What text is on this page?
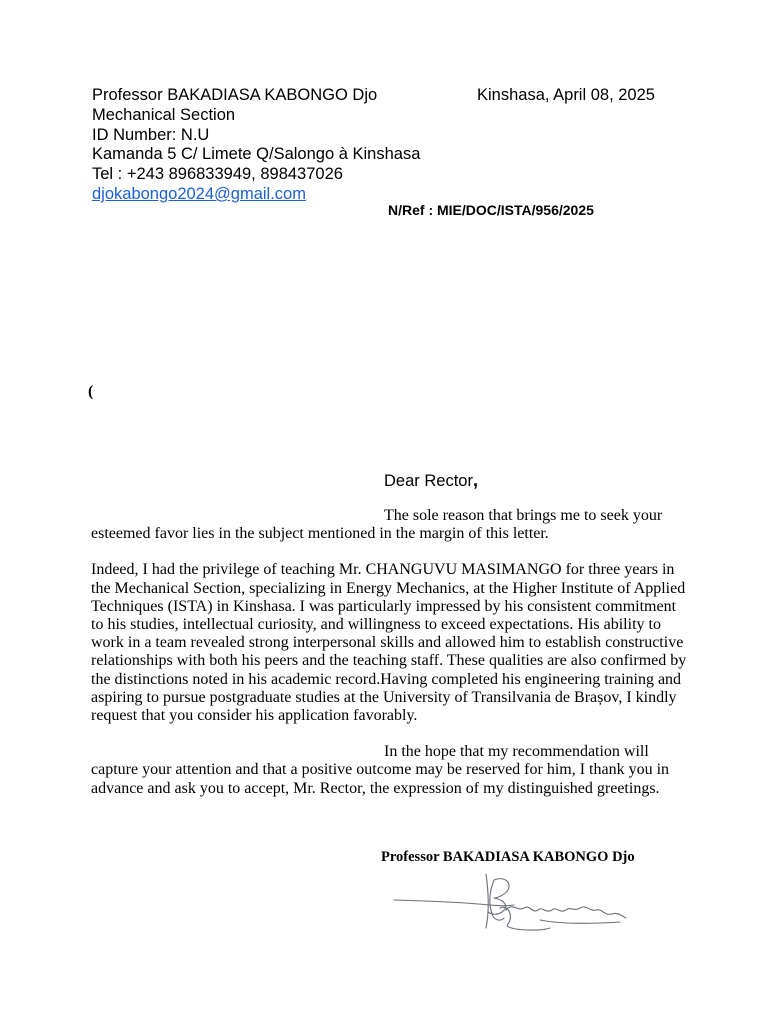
Professor BAKADIASA KABONGO Djo
Mechanical Section
ID Number: N.U
Kamanda 5 C/ Limete Q/Salongo à Kinshasa
Tel : +243 896833949, 898437026
djokabongo2024@gmail.com
Kinshasa, April 08, 2025
N/Ref : MIE/DOC/ISTA/956/2025
(
Dear Rector,

The sole reason that brings me to seek your esteemed favor lies in the subject mentioned in the margin of this letter.

Indeed, I had the privilege of teaching Mr. CHANGUVU MASIMANGO for three years in the Mechanical Section, specializing in Energy Mechanics, at the Higher Institute of Applied Techniques (ISTA) in Kinshasa. I was particularly impressed by his consistent commitment to his studies, intellectual curiosity, and willingness to exceed expectations. His ability to work in a team revealed strong interpersonal skills and allowed him to establish constructive relationships with both his peers and the teaching staff. These qualities are also confirmed by the distinctions noted in his academic record.Having completed his engineering training and aspiring to pursue postgraduate studies at the University of Transilvania de Brașov, I kindly request that you consider his application favorably.

In the hope that my recommendation will capture your attention and that a positive outcome may be reserved for him, I thank you in advance and ask you to accept, Mr. Rector, the expression of my distinguished greetings.

Professor BAKADIASA KABONGO Djo
